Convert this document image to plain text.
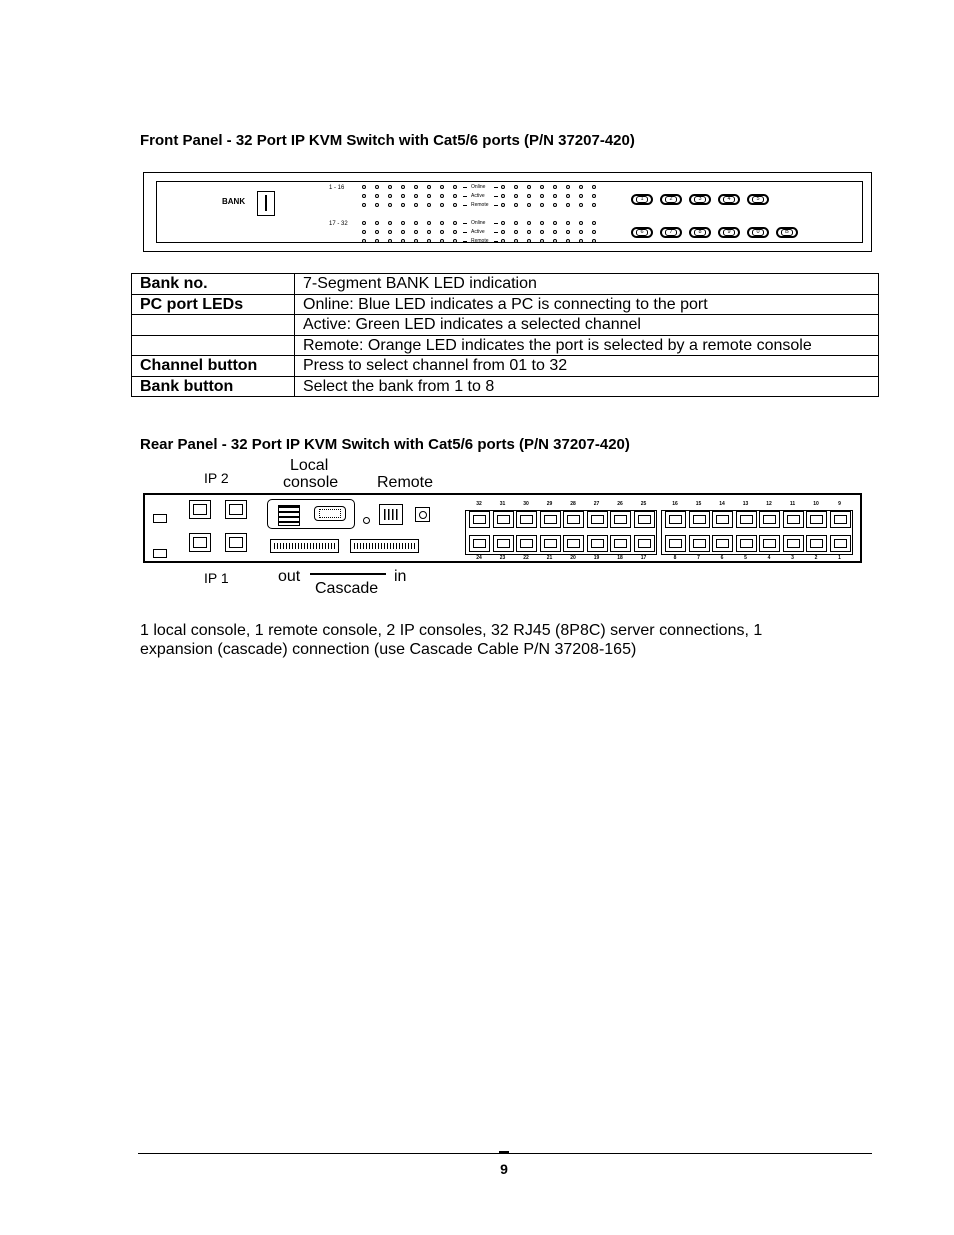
Front Panel - 32 Port IP KVM Switch with Cat5/6 ports (P/N 37207-420)
BANK
1 - 16
17 - 32
Online
Active
Remote
Online
Active
Remote
1	2	3	4	5
6	7	8	9	0	B
Bank no.	7-Segment BANK LED indication
PC port LEDs	Online: Blue LED indicates a PC is connecting to the port
	Active: Green LED indicates a selected channel
	Remote: Orange LED indicates the port is selected by a remote console
Channel button	Press to select channel from 01 to 32
Bank button	Select the bank from 1 to 8
Rear Panel - 32 Port IP KVM Switch with Cat5/6 ports (P/N 37207-420)
IP 2
Local
console Remote
32	31	30	29	28	27	26	25	16	15	14	13	12	11	10	9
24	23	22	21	20	19	18	17	8	7	6	5	4	3	2	1
IP 1	out	in
Cascade
1 local console, 1 remote console, 2 IP consoles, 32 RJ45 (8P8C) server connections, 1 expansion (cascade) connection (use Cascade Cable P/N 37208-165)
9
